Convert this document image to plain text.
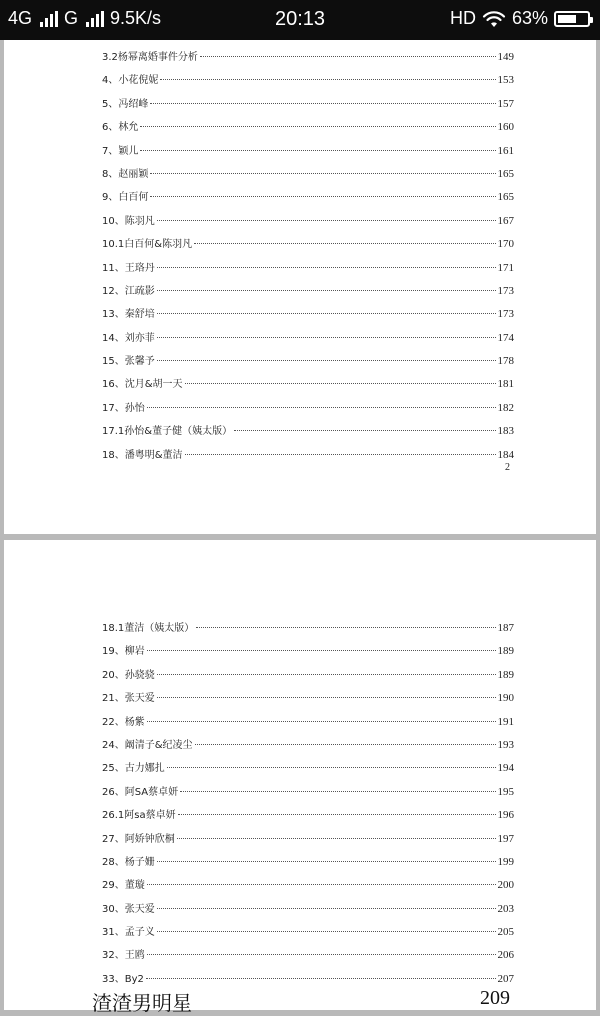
4G G 9.5K/s	20:13	HD 63%
3.2杨幂离婚事件分析	149
4、小花倪妮	153
5、冯绍峰	157
6、林允	160
7、颖儿	161
8、赵丽颖	165
9、白百何	165
10、陈羽凡	167
10.1白百何&陈羽凡	170
11、王珞丹	171
12、江疏影	173
13、秦舒培	173
14、刘亦菲	174
15、张馨予	178
16、沈月&胡一天	181
17、孙怡	182
17.1孙怡&董子健（姨太版）	183
18、潘粤明&董洁	184
2
18.1董洁（姨太版）	187
19、柳岩	189
20、孙骁骁	189
21、张天爱	190
22、杨紫	191
24、阚清子&纪凌尘	193
25、古力娜扎	194
26、阿SA蔡卓妍	195
26.1阿sa蔡卓妍	196
27、阿娇钟欣桐	197
28、杨子姗	199
29、董璇	200
30、张天爱	203
31、孟子义	205
32、王鸥	206
33、By2	207
渣渣男明星	209
